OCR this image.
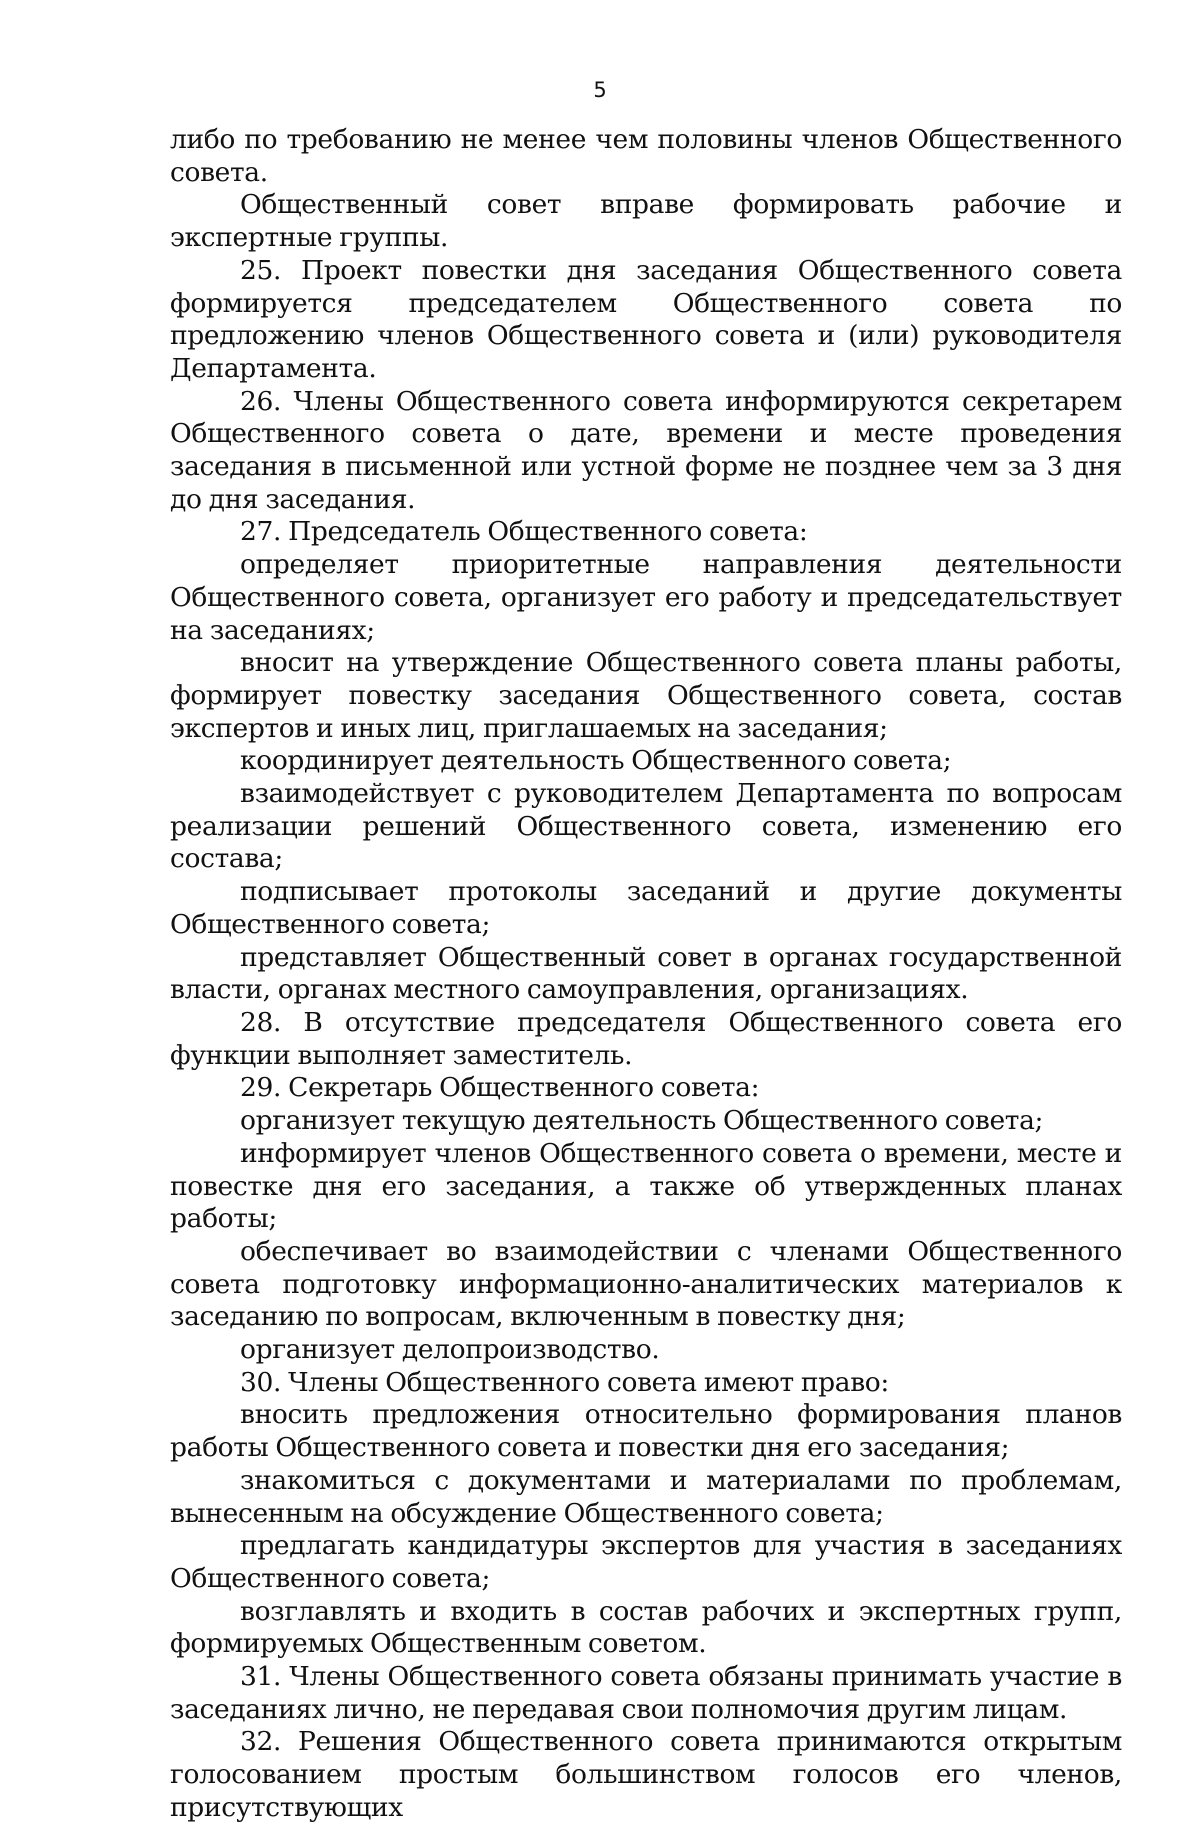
5

либо по требованию не менее чем половины членов Общественного совета.

Общественный совет вправе формировать рабочие и экспертные группы.

25. Проект повестки дня заседания Общественного совета формируется председателем Общественного совета по предложению членов Общественного совета и (или) руководителя Департамента.

26. Члены Общественного совета информируются секретарем Общественного совета о дате, времени и месте проведения заседания в письменной или устной форме не позднее чем за 3 дня до дня заседания.

27. Председатель Общественного совета:

определяет приоритетные направления деятельности Общественного совета, организует его работу и председательствует на заседаниях;

вносит на утверждение Общественного совета планы работы, формирует повестку заседания Общественного совета, состав экспертов и иных лиц, приглашаемых на заседания;

координирует деятельность Общественного совета;

взаимодействует с руководителем Департамента по вопросам реализации решений Общественного совета, изменению его состава;

подписывает протоколы заседаний и другие документы Общественного совета;

представляет Общественный совет в органах государственной власти, органах местного самоуправления, организациях.

28. В отсутствие председателя Общественного совета его функции выполняет заместитель.

29. Секретарь Общественного совета:

организует текущую деятельность Общественного совета;

информирует членов Общественного совета о времени, месте и повестке дня его заседания, а также об утвержденных планах работы;

обеспечивает во взаимодействии с членами Общественного совета подготовку информационно-аналитических материалов к заседанию по вопросам, включенным в повестку дня;

организует делопроизводство.

30. Члены Общественного совета имеют право:

вносить предложения относительно формирования планов работы Общественного совета и повестки дня его заседания;

знакомиться с документами и материалами по проблемам, вынесенным на обсуждение Общественного совета;

предлагать кандидатуры экспертов для участия в заседаниях Общественного совета;

возглавлять и входить в состав рабочих и экспертных групп, формируемых Общественным советом.

31. Члены Общественного совета обязаны принимать участие в заседаниях лично, не передавая свои полномочия другим лицам.

32. Решения Общественного совета принимаются открытым голосованием простым большинством голосов его членов, присутствующих
